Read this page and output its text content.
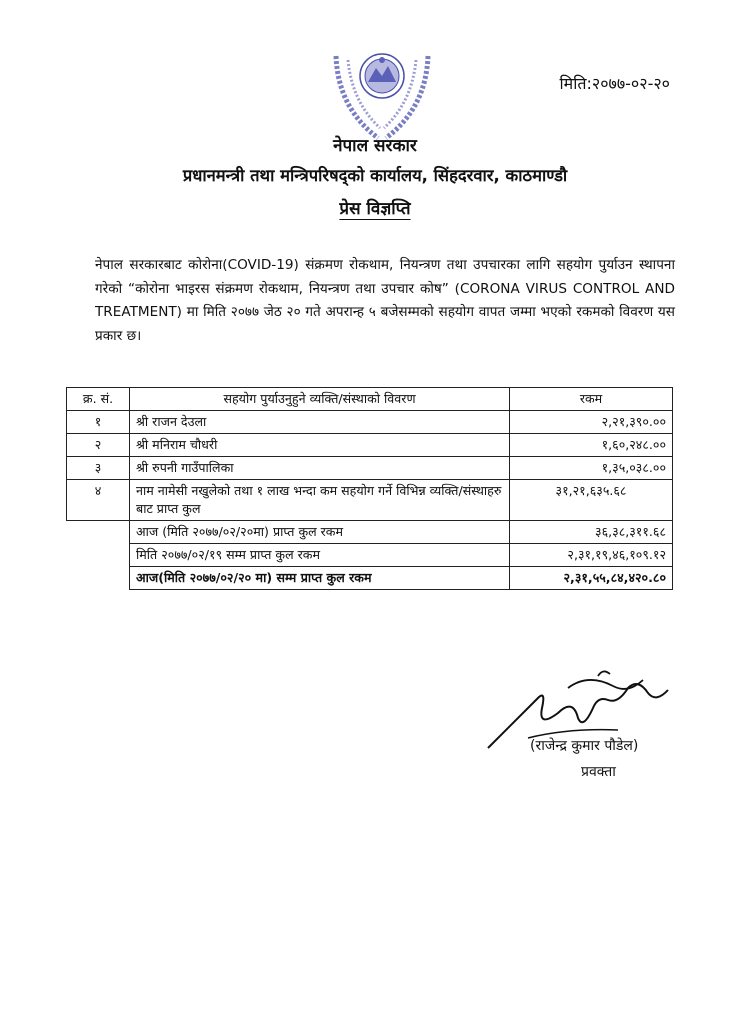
मिति:२०७७-०२-२०
नेपाल सरकार
प्रधानमन्त्री तथा मन्त्रिपरिषद्को कार्यालय, सिंहदरवार, काठमाण्डौ
प्रेस विज्ञप्ति
नेपाल सरकारबाट कोरोना(COVID-19) संक्रमण रोकथाम, नियन्त्रण तथा उपचारका लागि सहयोग पुर्याउन स्थापना गरेको “कोरोना भाइरस संक्रमण रोकथाम, नियन्त्रण तथा उपचार कोष” (CORONA VIRUS CONTROL AND TREATMENT) मा मिति २०७७ जेठ २० गते अपरान्ह ५ बजेसम्मको सहयोग वापत जम्मा भएको रकमको विवरण यस प्रकार छ।
क्र. सं.	सहयोग पुर्याउनुहुने व्यक्ति/संस्थाको विवरण	रकम
१	श्री राजन देउला	२,२१,३९०.००
२	श्री मनिराम चौधरी	१,६०,२४८.००
३	श्री रुपनी गाउँपालिका	१,३५,०३८.००
४	नाम नामेसी नखुलेको तथा १ लाख भन्दा कम सहयोग गर्ने विभिन्न व्यक्ति/संस्थाहरु बाट प्राप्त कुल	३१,२१,६३५.६८
	आज (मिति २०७७/०२/२०मा) प्राप्त कुल रकम	३६,३८,३११.६८
	मिति २०७७/०२/१९ सम्म प्राप्त कुल रकम	२,३१,१९,४६,१०९.१२
	आज(मिति २०७७/०२/२० मा) सम्म प्राप्त कुल रकम	२,३१,५५,८४,४२०.८०
(राजेन्द्र कुमार पौडेल)
प्रवक्ता
